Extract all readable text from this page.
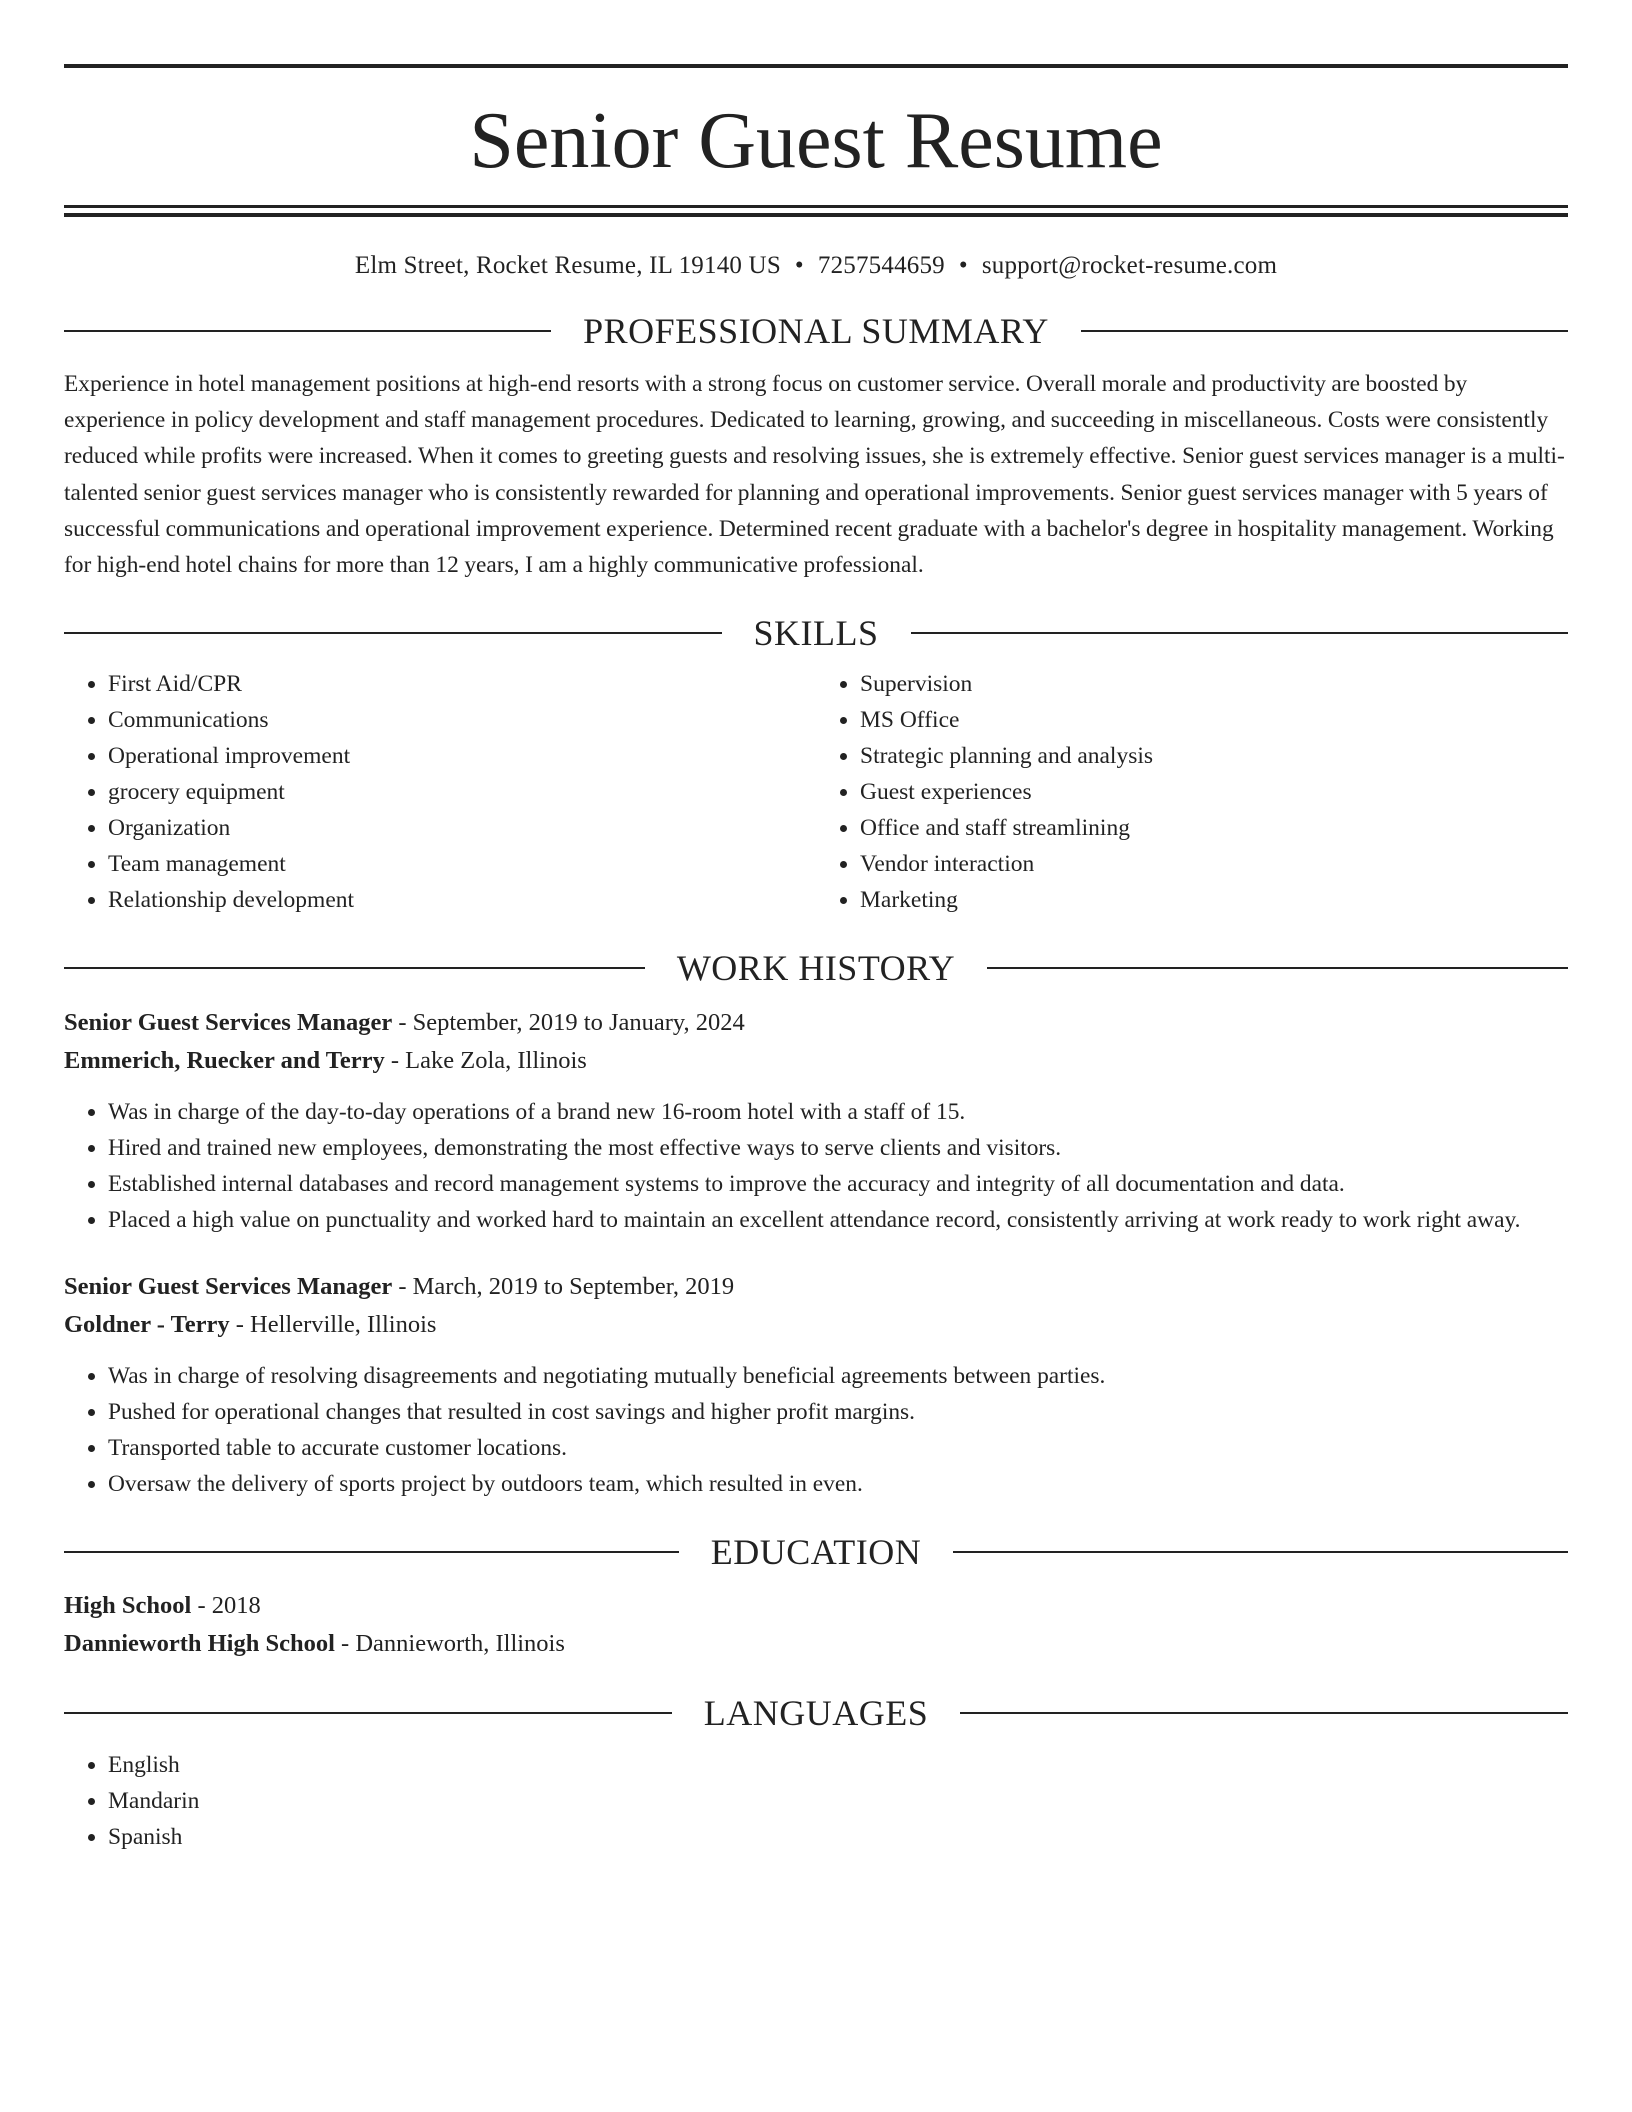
Senior Guest Resume
Elm Street, Rocket Resume, IL 19140 US • 7257544659 • support@rocket-resume.com
PROFESSIONAL SUMMARY
Experience in hotel management positions at high-end resorts with a strong focus on customer service. Overall morale and productivity are boosted by experience in policy development and staff management procedures. Dedicated to learning, growing, and succeeding in miscellaneous. Costs were consistently reduced while profits were increased. When it comes to greeting guests and resolving issues, she is extremely effective. Senior guest services manager is a multi-talented senior guest services manager who is consistently rewarded for planning and operational improvements. Senior guest services manager with 5 years of successful communications and operational improvement experience. Determined recent graduate with a bachelor's degree in hospitality management. Working for high-end hotel chains for more than 12 years, I am a highly communicative professional.
SKILLS
• First Aid/CPR
• Communications
• Operational improvement
• grocery equipment
• Organization
• Team management
• Relationship development
• Supervision
• MS Office
• Strategic planning and analysis
• Guest experiences
• Office and staff streamlining
• Vendor interaction
• Marketing
WORK HISTORY
Senior Guest Services Manager - September, 2019 to January, 2024
Emmerich, Ruecker and Terry - Lake Zola, Illinois
• Was in charge of the day-to-day operations of a brand new 16-room hotel with a staff of 15.
• Hired and trained new employees, demonstrating the most effective ways to serve clients and visitors.
• Established internal databases and record management systems to improve the accuracy and integrity of all documentation and data.
• Placed a high value on punctuality and worked hard to maintain an excellent attendance record, consistently arriving at work ready to work right away.
Senior Guest Services Manager - March, 2019 to September, 2019
Goldner - Terry - Hellerville, Illinois
• Was in charge of resolving disagreements and negotiating mutually beneficial agreements between parties.
• Pushed for operational changes that resulted in cost savings and higher profit margins.
• Transported table to accurate customer locations.
• Oversaw the delivery of sports project by outdoors team, which resulted in even.
EDUCATION
High School - 2018
Dannieworth High School - Dannieworth, Illinois
LANGUAGES
• English
• Mandarin
• Spanish
